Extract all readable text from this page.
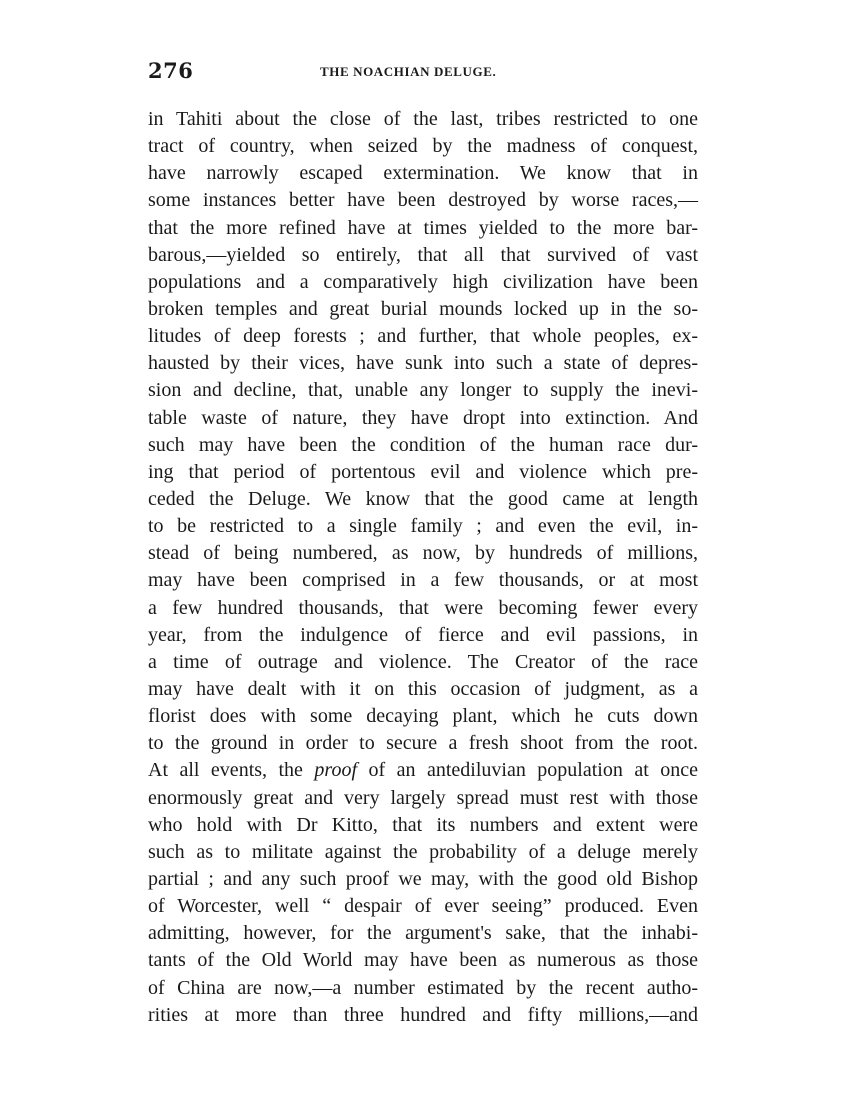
276	THE NOACHIAN DELUGE.
in Tahiti about the close of the last, tribes restricted to one
tract of country, when seized by the madness of conquest,
have narrowly escaped extermination. We know that in
some instances better have been destroyed by worse races,—
that the more refined have at times yielded to the more bar-
barous,—yielded so entirely, that all that survived of vast
populations and a comparatively high civilization have been
broken temples and great burial mounds locked up in the so-
litudes of deep forests ; and further, that whole peoples, ex-
hausted by their vices, have sunk into such a state of depres-
sion and decline, that, unable any longer to supply the inevi-
table waste of nature, they have dropt into extinction. And
such may have been the condition of the human race dur-
ing that period of portentous evil and violence which pre-
ceded the Deluge. We know that the good came at length
to be restricted to a single family ; and even the evil, in-
stead of being numbered, as now, by hundreds of millions,
may have been comprised in a few thousands, or at most
a few hundred thousands, that were becoming fewer every
year, from the indulgence of fierce and evil passions, in
a time of outrage and violence. The Creator of the race
may have dealt with it on this occasion of judgment, as a
florist does with some decaying plant, which he cuts down
to the ground in order to secure a fresh shoot from the root.
At all events, the proof of an antediluvian population at once
enormously great and very largely spread must rest with those
who hold with Dr Kitto, that its numbers and extent were
such as to militate against the probability of a deluge merely
partial ; and any such proof we may, with the good old Bishop
of Worcester, well “ despair of ever seeing” produced. Even
admitting, however, for the argument's sake, that the inhabi-
tants of the Old World may have been as numerous as those
of China are now,—a number estimated by the recent autho-
rities at more than three hundred and fifty millions,—and
